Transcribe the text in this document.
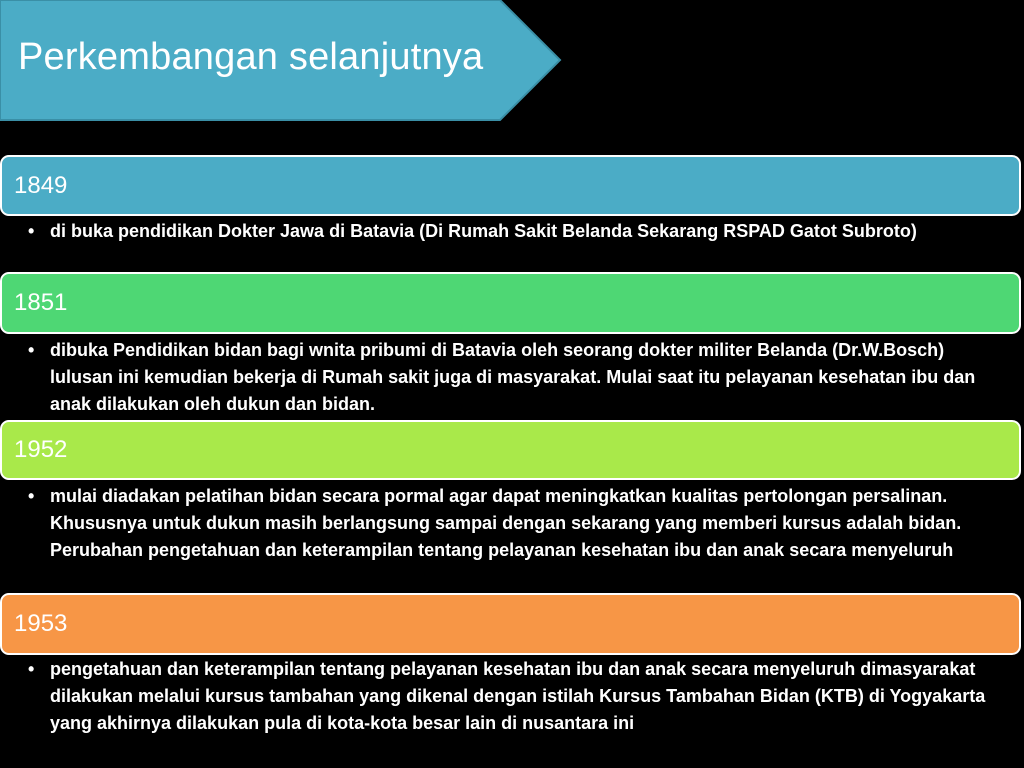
Perkembangan selanjutnya
1849
• di buka pendidikan Dokter Jawa di Batavia (Di Rumah Sakit Belanda Sekarang RSPAD Gatot Subroto)
1851
• dibuka Pendidikan bidan bagi wnita pribumi di Batavia oleh seorang dokter militer Belanda (Dr.W.Bosch) lulusan ini kemudian bekerja di Rumah sakit juga di masyarakat. Mulai saat itu pelayanan kesehatan ibu dan anak dilakukan oleh dukun dan bidan.
1952
• mulai diadakan pelatihan bidan secara pormal agar dapat meningkatkan kualitas pertolongan persalinan. Khususnya untuk dukun masih berlangsung sampai dengan sekarang yang memberi kursus adalah bidan. Perubahan pengetahuan dan keterampilan tentang pelayanan kesehatan ibu dan anak secara menyeluruh
1953
• pengetahuan dan keterampilan tentang pelayanan kesehatan ibu dan anak secara menyeluruh dimasyarakat dilakukan melalui kursus tambahan yang dikenal dengan istilah Kursus Tambahan Bidan (KTB) di Yogyakarta yang akhirnya dilakukan pula di kota-kota besar lain di nusantara ini
